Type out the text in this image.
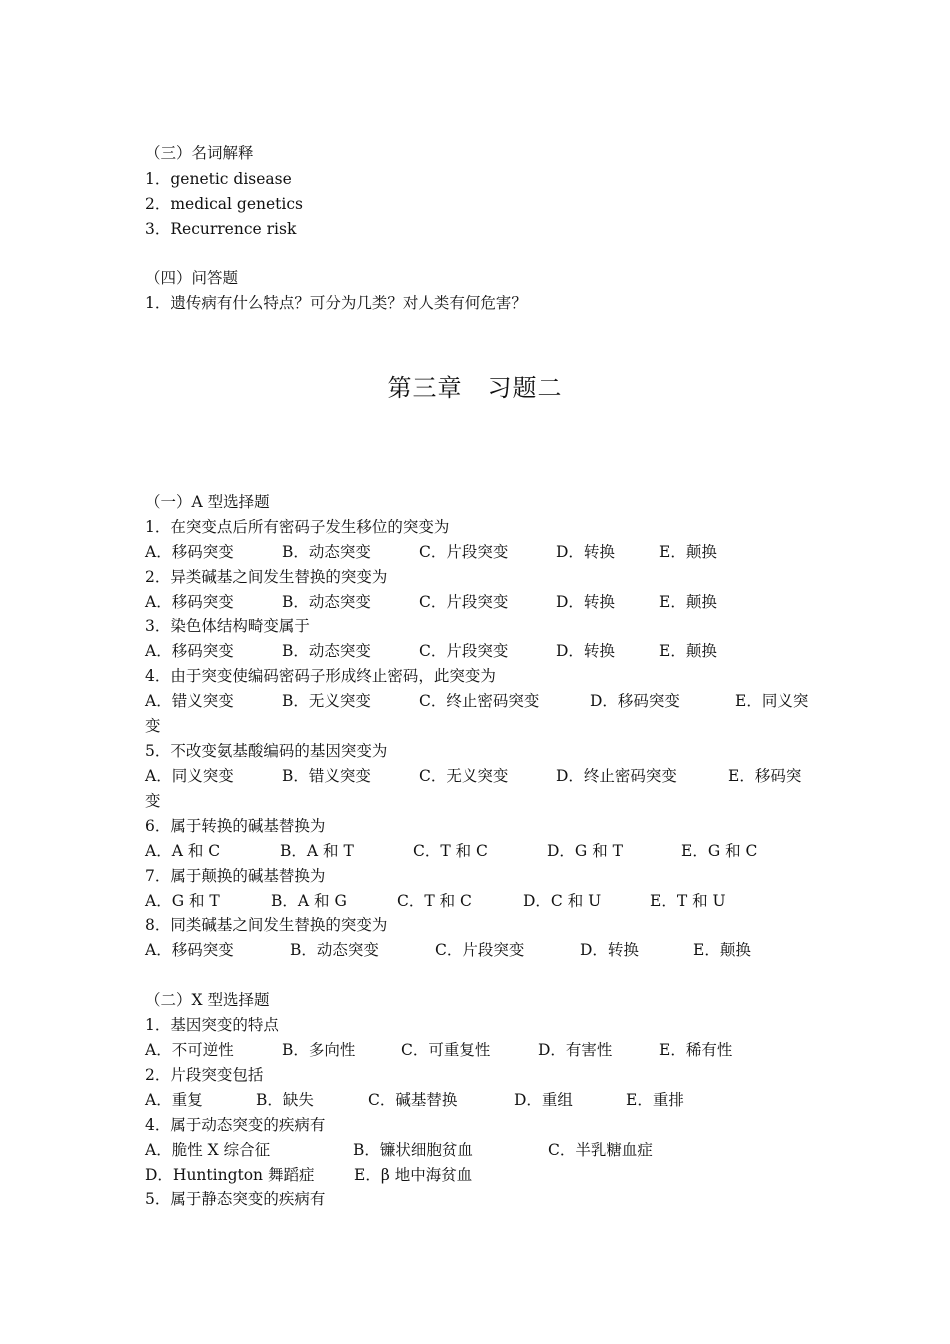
（三）名词解释
1．genetic disease
2．medical genetics
3．Recurrence risk
（四）问答题
1．遗传病有什么特点？可分为几类？对人类有何危害？
第三章　习题二
（一）A 型选择题
1．在突变点后所有密码子发生移位的突变为
A．移码突变	B．动态突变	C．片段突变	D．转换	E．颠换
2．异类碱基之间发生替换的突变为
A．移码突变	B．动态突变	C．片段突变	D．转换	E．颠换
3．染色体结构畸变属于
A．移码突变	B．动态突变	C．片段突变	D．转换	E．颠换
4．由于突变使编码密码子形成终止密码，此突变为
A．错义突变	B．无义突变	C．终止密码突变	D．移码突变	E．同义突
变
5．不改变氨基酸编码的基因突变为
A．同义突变	B．错义突变	C．无义突变	D．终止密码突变	E．移码突
变
6．属于转换的碱基替换为
A．A 和 C	B．A 和 T	C．T 和 C	D．G 和 T	E．G 和 C
7．属于颠换的碱基替换为
A．G 和 T	B．A 和 G	C．T 和 C	D．C 和 U	E．T 和 U
8．同类碱基之间发生替换的突变为
A．移码突变	B．动态突变	C．片段突变	D．转换	E．颠换
（二）X 型选择题
1．基因突变的特点
A．不可逆性	B．多向性	C．可重复性	D．有害性	E．稀有性
2．片段突变包括
A．重复	B．缺失	C．碱基替换	D．重组	E．重排
4．属于动态突变的疾病有
A．脆性 X 综合征	B．镰状细胞贫血	C．半乳糖血症
D．Huntington 舞蹈症	E．β 地中海贫血
5．属于静态突变的疾病有
